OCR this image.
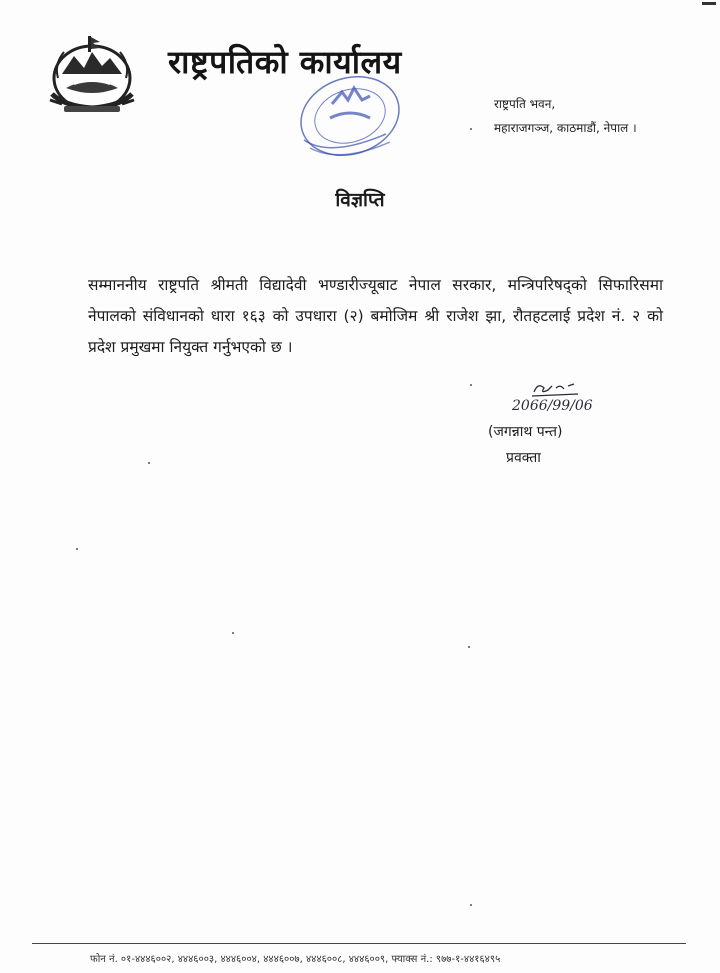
राष्ट्रपतिको कार्यालय
राष्ट्रपति भवन,
महाराजगञ्ज, काठमाडौं, नेपाल ।
विज्ञप्ति
सम्माननीय राष्ट्रपति श्रीमती विद्यादेवी भण्डारीज्यूबाट नेपाल सरकार, मन्त्रिपरिषद्को सिफारिसमा नेपालको संविधानको धारा १६३ को उपधारा (२) बमोजिम श्री राजेश झा, रौतहटलाई प्रदेश नं. २ को प्रदेश प्रमुखमा नियुक्त गर्नुभएको छ ।
2066/99/06
(जगन्नाथ पन्त)
प्रवक्ता
फोन नं. ०१-४४४६००२, ४४४६००३, ४४४६००४, ४४४६००७, ४४४६००८, ४४४६००९, फ्याक्स नं.: ९७७-१-४४१६४९५
